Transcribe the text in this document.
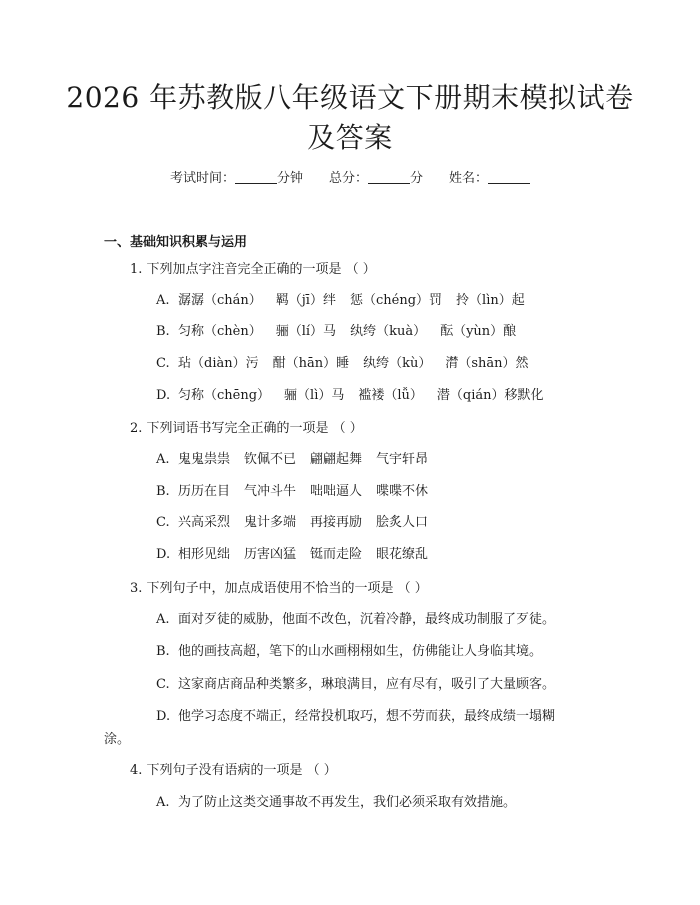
2026 年苏教版八年级语文下册期末模拟试卷
及答案
考试时间：	分钟 总分：	分 姓名：
一、基础知识积累与运用
1. 下列加点字注音完全正确的一项是 （ ）
A. 潺潺（chán） 羁（jī）绊 惩（chéng）罚 拎（lìn）起
B. 匀称（chèn） 骊（lí）马 纨绔（kuà） 酝（yùn）酿
C. 玷（diàn）污 酣（hān）睡 纨绔（kù） 潸（shān）然
D. 匀称（chēng） 骊（lì）马 褴褛（lǚ） 潜（qián）移默化
2. 下列词语书写完全正确的一项是 （ ）
A. 鬼鬼祟祟 钦佩不已 翩翩起舞 气宇轩昂
B. 历历在目 气冲斗牛 咄咄逼人 喋喋不休
C. 兴高采烈 鬼计多端 再接再励 脍炙人口
D. 相形见绌 历害凶猛 铤而走险 眼花缭乱
3. 下列句子中，加点成语使用不恰当的一项是 （ ）
A. 面对歹徒的威胁，他面不改色，沉着冷静，最终成功制服了歹徒。
B. 他的画技高超，笔下的山水画栩栩如生，仿佛能让人身临其境。
C. 这家商店商品种类繁多，琳琅满目，应有尽有，吸引了大量顾客。
D. 他学习态度不端正，经常投机取巧，想不劳而获，最终成绩一塌糊
涂。
4. 下列句子没有语病的一项是 （ ）
A. 为了防止这类交通事故不再发生，我们必须采取有效措施。
